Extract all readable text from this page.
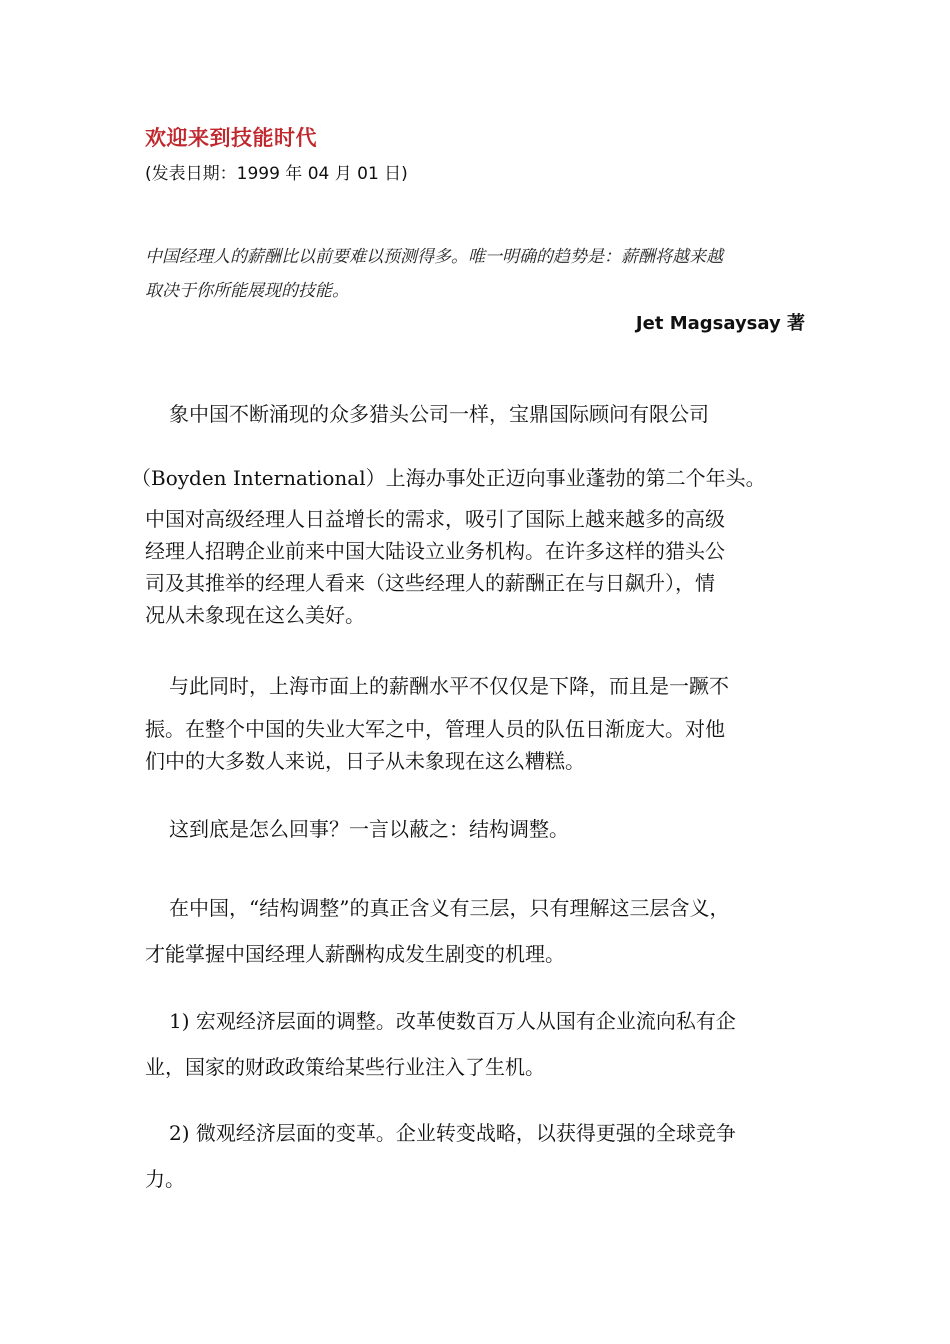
欢迎来到技能时代
(发表日期：1999 年 04 月 01 日)
中国经理人的薪酬比以前要难以预测得多。唯一明确的趋势是：薪酬将越来越
取决于你所能展现的技能。
Jet Magsaysay 著
象中国不断涌现的众多猎头公司一样，宝鼎国际顾问有限公司
（Boyden International）上海办事处正迈向事业蓬勃的第二个年头。
中国对高级经理人日益增长的需求，吸引了国际上越来越多的高级
经理人招聘企业前来中国大陆设立业务机构。在许多这样的猎头公
司及其推举的经理人看来（这些经理人的薪酬正在与日飙升），情
况从未象现在这么美好。
与此同时，上海市面上的薪酬水平不仅仅是下降，而且是一蹶不
振。在整个中国的失业大军之中，管理人员的队伍日渐庞大。对他
们中的大多数人来说，日子从未象现在这么糟糕。
这到底是怎么回事？一言以蔽之：结构调整。
在中国，“结构调整”的真正含义有三层，只有理解这三层含义，
才能掌握中国经理人薪酬构成发生剧变的机理。
1) 宏观经济层面的调整。改革使数百万人从国有企业流向私有企
业，国家的财政政策给某些行业注入了生机。
2) 微观经济层面的变革。企业转变战略，以获得更强的全球竞争
力。
